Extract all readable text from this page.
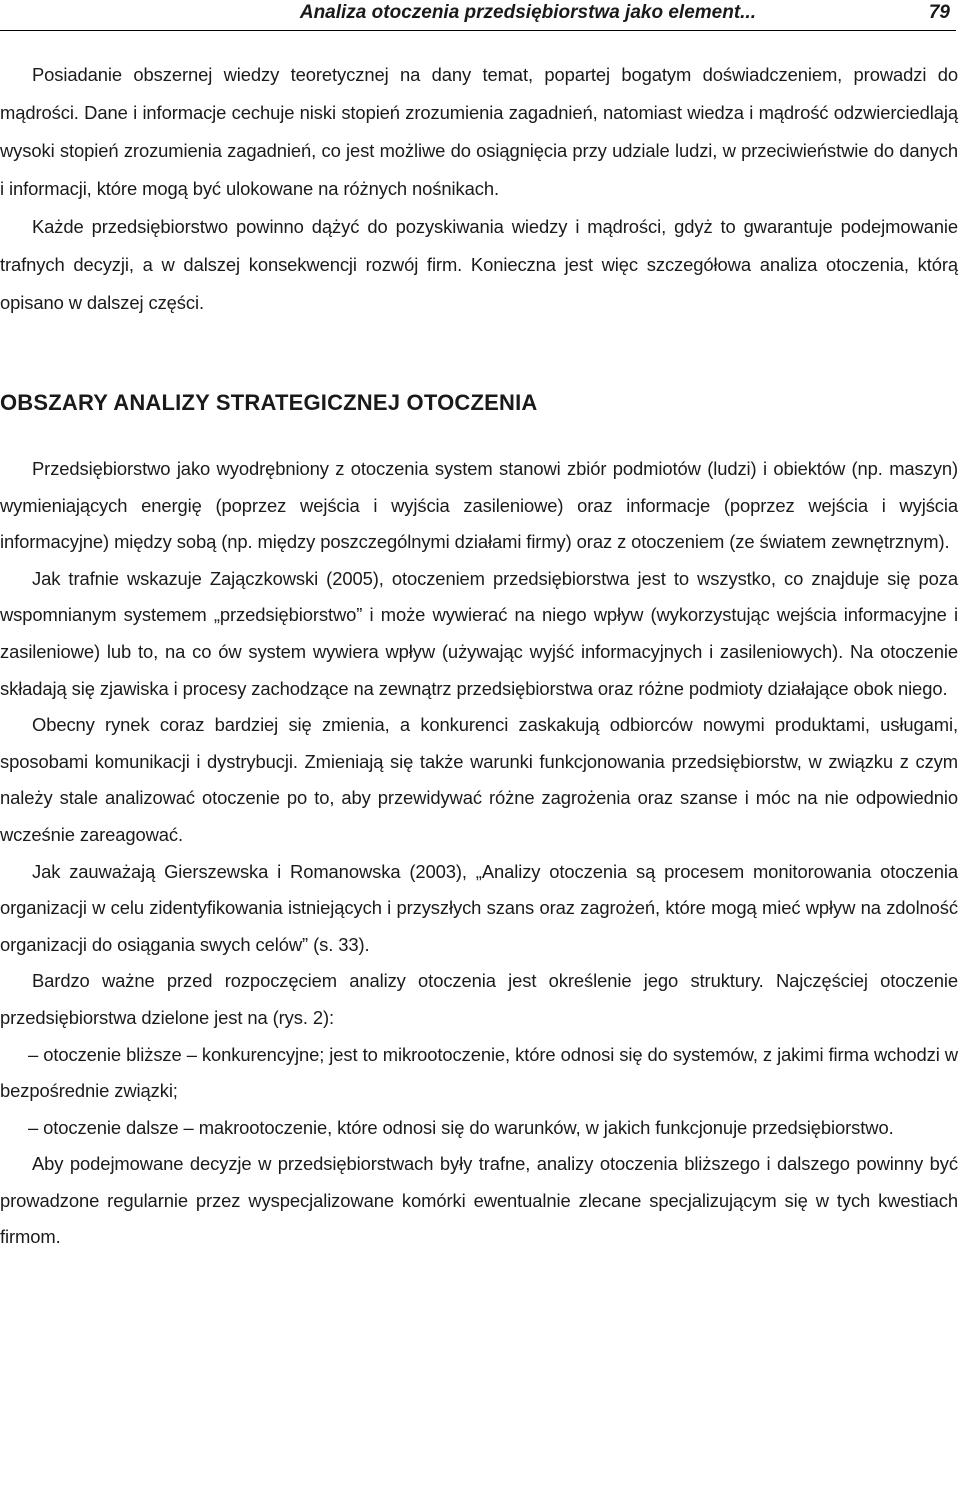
Analiza otoczenia przedsiębiorstwa jako element...	79

Posiadanie obszernej wiedzy teoretycznej na dany temat, popartej bogatym doświadczeniem, prowadzi do mądrości. Dane i informacje cechuje niski stopień zrozumienia zagadnień, natomiast wiedza i mądrość odzwierciedlają wysoki stopień zrozumienia zagadnień, co jest możliwe do osiągnięcia przy udziale ludzi, w przeciwieństwie do danych i informacji, które mogą być ulokowane na różnych nośnikach.

Każde przedsiębiorstwo powinno dążyć do pozyskiwania wiedzy i mądrości, gdyż to gwarantuje podejmowanie trafnych decyzji, a w dalszej konsekwencji rozwój firm. Konieczna jest więc szczegółowa analiza otoczenia, którą opisano w dalszej części.

OBSZARY ANALIZY STRATEGICZNEJ OTOCZENIA

Przedsiębiorstwo jako wyodrębniony z otoczenia system stanowi zbiór podmiotów (ludzi) i obiektów (np. maszyn) wymieniających energię (poprzez wejścia i wyjścia zasileniowe) oraz informacje (poprzez wejścia i wyjścia informacyjne) między sobą (np. między poszczególnymi działami firmy) oraz z otoczeniem (ze światem zewnętrznym).

Jak trafnie wskazuje Zajączkowski (2005), otoczeniem przedsiębiorstwa jest to wszystko, co znajduje się poza wspomnianym systemem „przedsiębiorstwo” i może wywierać na niego wpływ (wykorzystując wejścia informacyjne i zasileniowe) lub to, na co ów system wywiera wpływ (używając wyjść informacyjnych i zasileniowych). Na otoczenie składają się zjawiska i procesy zachodzące na zewnątrz przedsiębiorstwa oraz różne podmioty działające obok niego.

Obecny rynek coraz bardziej się zmienia, a konkurenci zaskakują odbiorców nowymi produktami, usługami, sposobami komunikacji i dystrybucji. Zmieniają się także warunki funkcjonowania przedsiębiorstw, w związku z czym należy stale analizować otoczenie po to, aby przewidywać różne zagrożenia oraz szanse i móc na nie odpowiednio wcześnie zareagować.

Jak zauważają Gierszewska i Romanowska (2003), „Analizy otoczenia są procesem monitorowania otoczenia organizacji w celu zidentyfikowania istniejących i przyszłych szans oraz zagrożeń, które mogą mieć wpływ na zdolność organizacji do osiągania swych celów” (s. 33).

Bardzo ważne przed rozpoczęciem analizy otoczenia jest określenie jego struktury. Najczęściej otoczenie przedsiębiorstwa dzielone jest na (rys. 2):

– otoczenie bliższe – konkurencyjne; jest to mikrootoczenie, które odnosi się do systemów, z jakimi firma wchodzi w bezpośrednie związki;

– otoczenie dalsze – makrootoczenie, które odnosi się do warunków, w jakich funkcjonuje przedsiębiorstwo.

Aby podejmowane decyzje w przedsiębiorstwach były trafne, analizy otoczenia bliższego i dalszego powinny być prowadzone regularnie przez wyspecjalizowane komórki ewentualnie zlecane specjalizującym się w tych kwestiach firmom.
